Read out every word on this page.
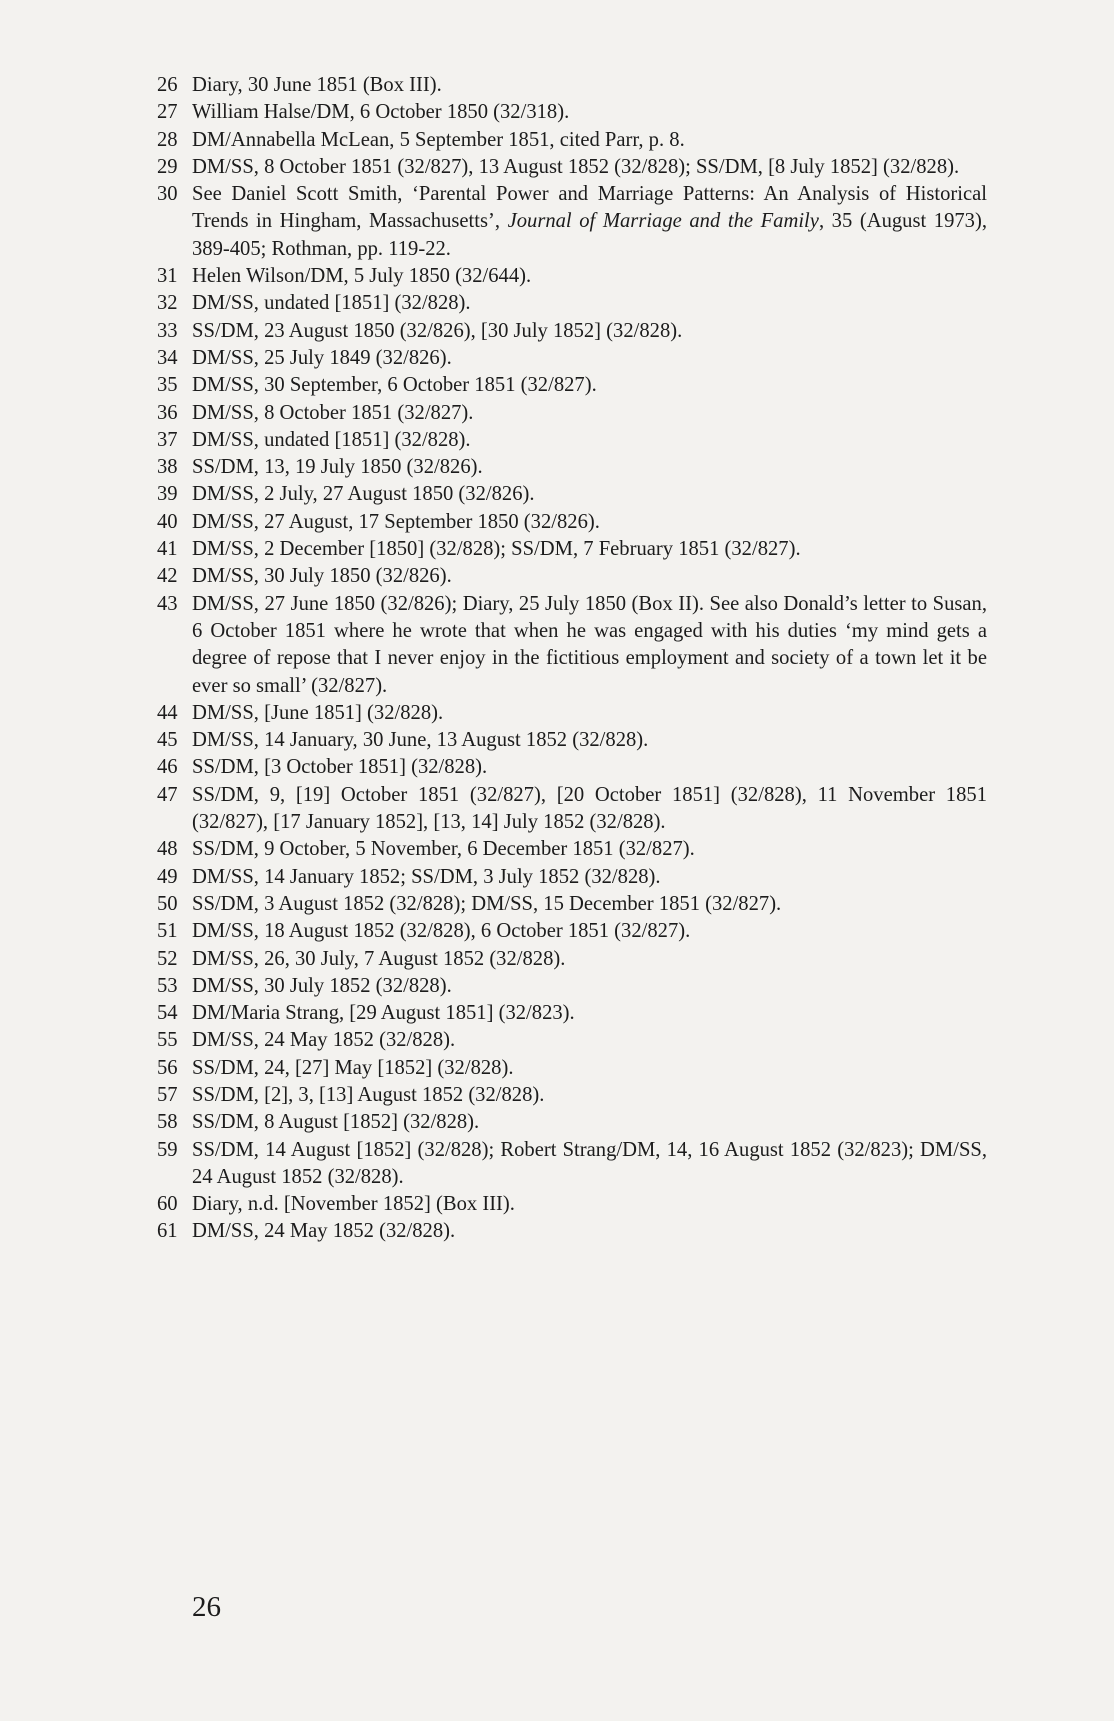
26 Diary, 30 June 1851 (Box III).
27 William Halse/DM, 6 October 1850 (32/318).
28 DM/Annabella McLean, 5 September 1851, cited Parr, p. 8.
29 DM/SS, 8 October 1851 (32/827), 13 August 1852 (32/828); SS/DM, [8 July 1852] (32/828).
30 See Daniel Scott Smith, ‘Parental Power and Marriage Patterns: An Analysis of Historical Trends in Hingham, Massachusetts’, Journal of Marriage and the Family, 35 (August 1973), 389-405; Rothman, pp. 119-22.
31 Helen Wilson/DM, 5 July 1850 (32/644).
32 DM/SS, undated [1851] (32/828).
33 SS/DM, 23 August 1850 (32/826), [30 July 1852] (32/828).
34 DM/SS, 25 July 1849 (32/826).
35 DM/SS, 30 September, 6 October 1851 (32/827).
36 DM/SS, 8 October 1851 (32/827).
37 DM/SS, undated [1851] (32/828).
38 SS/DM, 13, 19 July 1850 (32/826).
39 DM/SS, 2 July, 27 August 1850 (32/826).
40 DM/SS, 27 August, 17 September 1850 (32/826).
41 DM/SS, 2 December [1850] (32/828); SS/DM, 7 February 1851 (32/827).
42 DM/SS, 30 July 1850 (32/826).
43 DM/SS, 27 June 1850 (32/826); Diary, 25 July 1850 (Box II). See also Donald’s letter to Susan, 6 October 1851 where he wrote that when he was engaged with his duties ‘my mind gets a degree of repose that I never enjoy in the fictitious employment and society of a town let it be ever so small’ (32/827).
44 DM/SS, [June 1851] (32/828).
45 DM/SS, 14 January, 30 June, 13 August 1852 (32/828).
46 SS/DM, [3 October 1851] (32/828).
47 SS/DM, 9, [19] October 1851 (32/827), [20 October 1851] (32/828), 11 November 1851 (32/827), [17 January 1852], [13, 14] July 1852 (32/828).
48 SS/DM, 9 October, 5 November, 6 December 1851 (32/827).
49 DM/SS, 14 January 1852; SS/DM, 3 July 1852 (32/828).
50 SS/DM, 3 August 1852 (32/828); DM/SS, 15 December 1851 (32/827).
51 DM/SS, 18 August 1852 (32/828), 6 October 1851 (32/827).
52 DM/SS, 26, 30 July, 7 August 1852 (32/828).
53 DM/SS, 30 July 1852 (32/828).
54 DM/Maria Strang, [29 August 1851] (32/823).
55 DM/SS, 24 May 1852 (32/828).
56 SS/DM, 24, [27] May [1852] (32/828).
57 SS/DM, [2], 3, [13] August 1852 (32/828).
58 SS/DM, 8 August [1852] (32/828).
59 SS/DM, 14 August [1852] (32/828); Robert Strang/DM, 14, 16 August 1852 (32/823); DM/SS, 24 August 1852 (32/828).
60 Diary, n.d. [November 1852] (Box III).
61 DM/SS, 24 May 1852 (32/828).
26
